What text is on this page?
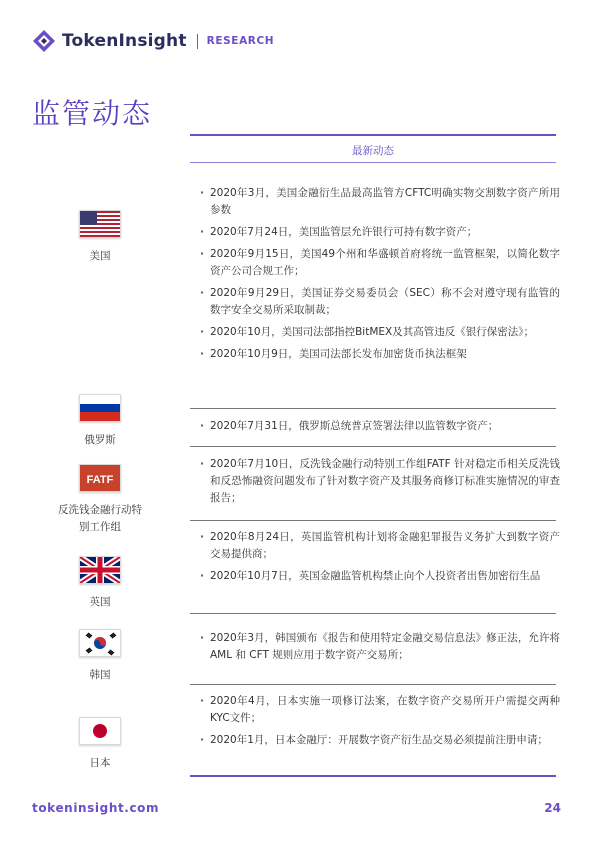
TokenInsight RESEARCH
监管动态
最新动态
美国
· 2020年3月，美国金融衍生品最高监管方CFTC明确实物交割数字资产所用参数
· 2020年7月24日，美国监管层允许银行可持有数字资产；
· 2020年9月15日，美国49个州和华盛顿首府将统一监管框架，以简化数字资产公司合规工作；
· 2020年9月29日，美国证券交易委员会（SEC）称不会对遵守现有监管的数字安全交易所采取制裁；
· 2020年10月，美国司法部指控BitMEX及其高管违反《银行保密法》；
· 2020年10月9日，美国司法部长发布加密货币执法框架
俄罗斯
· 2020年7月31日，俄罗斯总统普京签署法律以监管数字资产；
FATF
反洗钱金融行动特别工作组
· 2020年7月10日，反洗钱金融行动特别工作组FATF 针对稳定币相关反洗钱和反恐怖融资问题发布了针对数字资产及其服务商修订标准实施情况的审查报告；
英国
· 2020年8月24日，英国监管机构计划将金融犯罪报告义务扩大到数字资产交易提供商；
· 2020年10月7日，英国金融监管机构禁止向个人投资者出售加密衍生品
韩国
· 2020年3月，韩国颁布《报告和使用特定金融交易信息法》修正法，允许将 AML 和 CFT 规则应用于数字资产交易所；
日本
· 2020年4月，日本实施一项修订法案，在数字资产交易所开户需提交两种KYC文件；
· 2020年1月，日本金融厅：开展数字资产衍生品交易必须提前注册申请；
tokeninsight.com	24
